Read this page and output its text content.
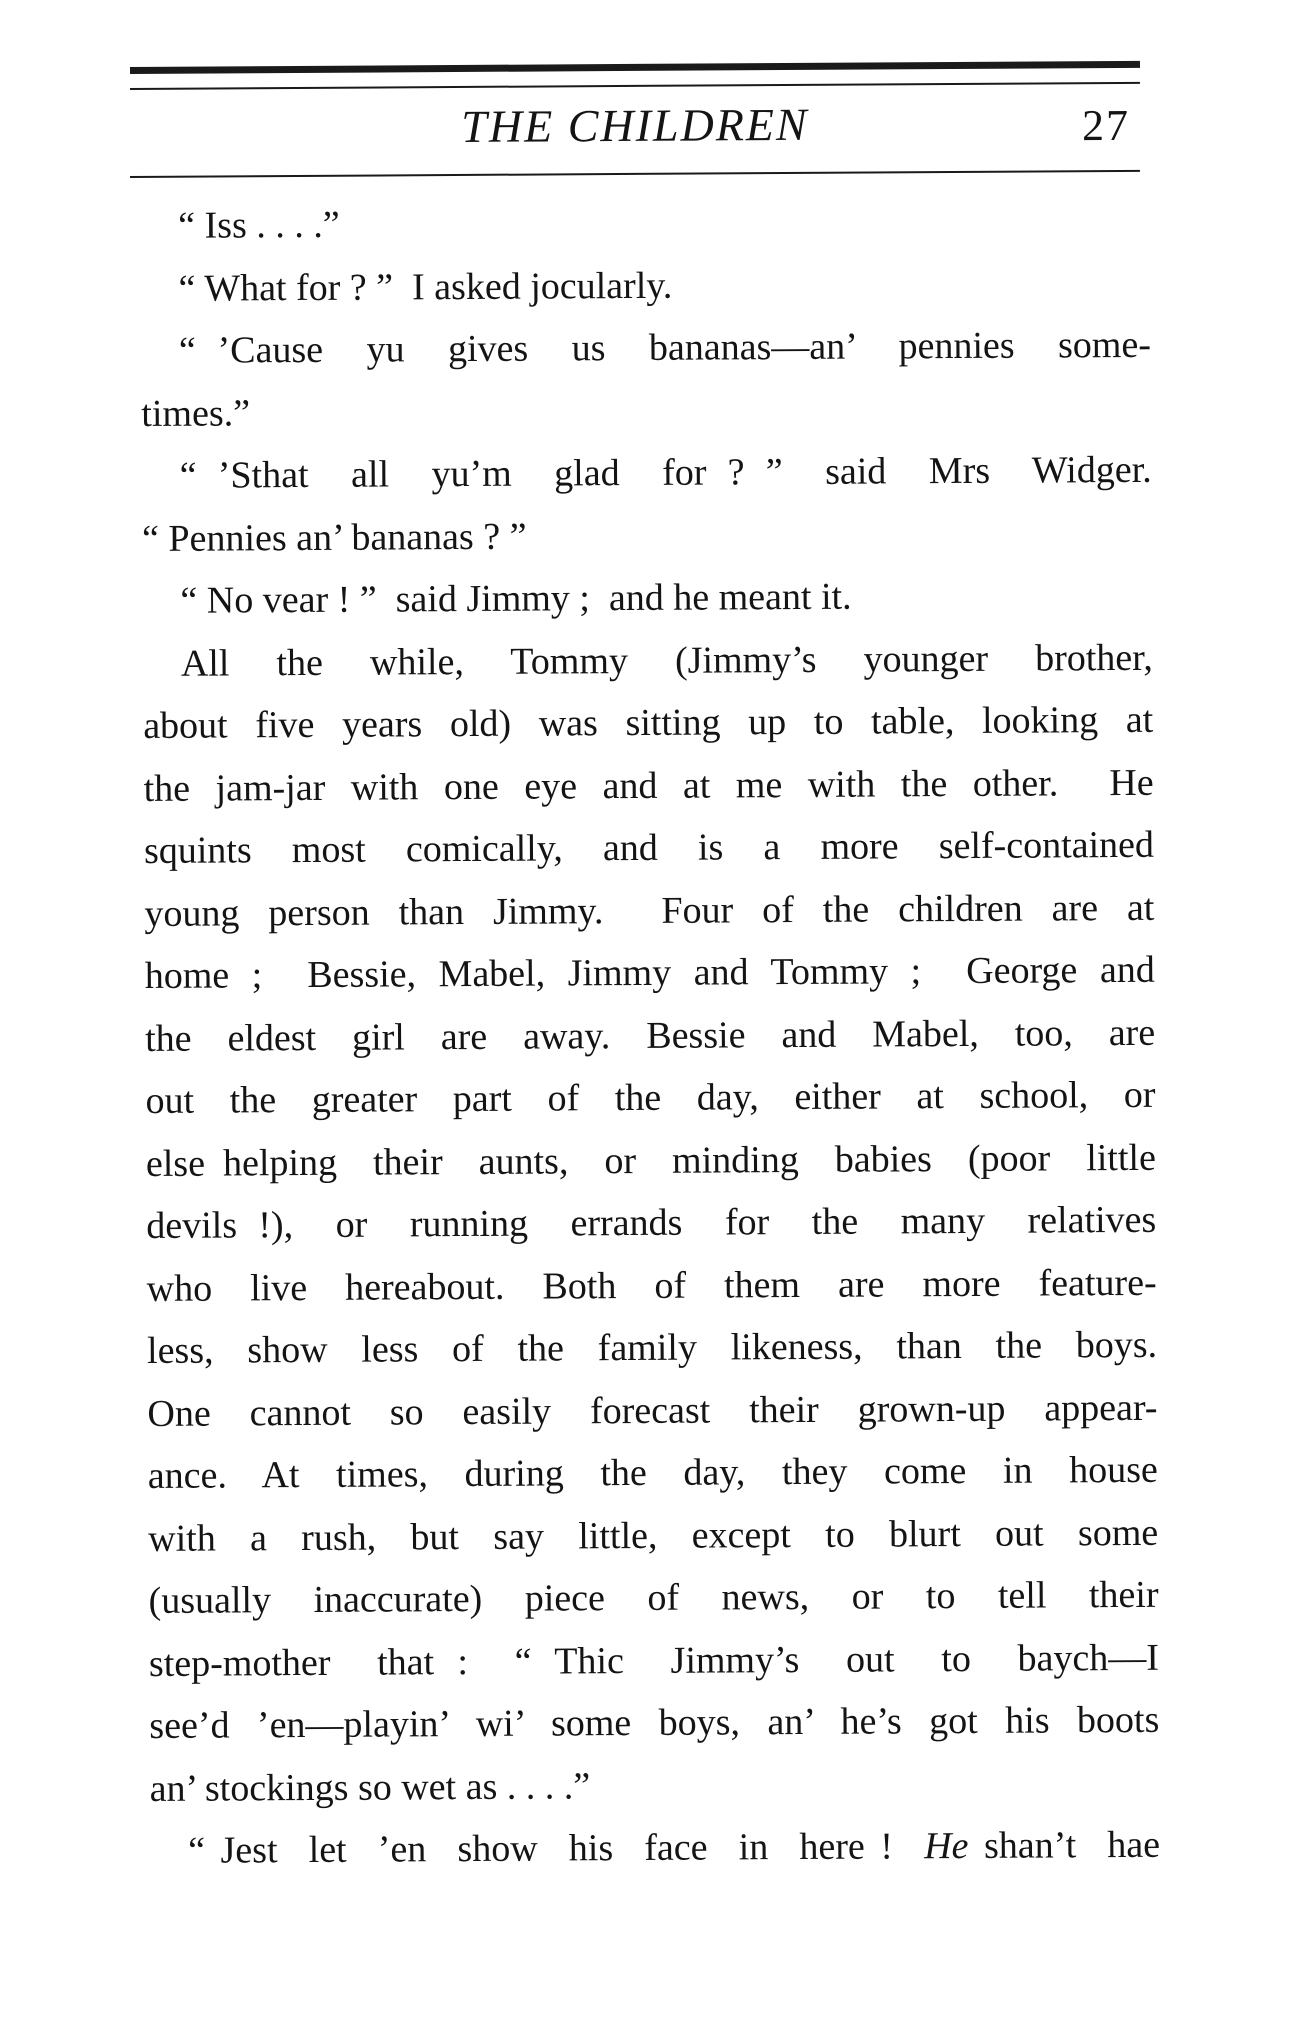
THE CHILDREN	27
“ Iss . . . .”
“ What for ? ”  I asked jocularly.
“ ’Cause  yu  gives  us  bananas—an’  pennies  some-
times.”
“ ’Sthat  all  yu’m  glad  for ? ”  said  Mrs  Widger.
“ Pennies an’ bananas ? ”
“ No vear ! ”  said Jimmy ;  and he meant it.
All  the  while,  Tommy  (Jimmy’s  younger  brother,
about five years old) was sitting up to table, looking at
the jam-jar with one eye and at me with the other.  He
squints  most  comically,  and  is  a  more  self-contained
young person than Jimmy.  Four of the children are at
home ;  Bessie, Mabel, Jimmy and Tommy ;  George and
the  eldest  girl  are  away.  Bessie  and  Mabel,  too,  are
out  the  greater  part  of  the  day,  either  at  school,  or
else helping  their  aunts,  or  minding  babies  (poor  little
devils !),  or  running  errands  for  the  many  relatives
who  live  hereabout.  Both  of  them  are  more  feature-
less,  show  less  of  the  family  likeness,  than  the  boys.
One  cannot  so  easily  forecast  their  grown-up  appear-
ance.  At  times,  during  the  day,  they  come  in  house
with  a  rush,  but  say  little,  except  to  blurt  out  some
(usually  inaccurate)  piece  of  news,  or  to  tell  their
step-mother  that :  “ Thic  Jimmy’s  out  to  baych—I
see’d ’en—playin’ wi’ some boys, an’ he’s got his boots
an’ stockings so wet as . . . .”
“ Jest  let  ’en  show  his  face  in  here !  He shan’t  hae
